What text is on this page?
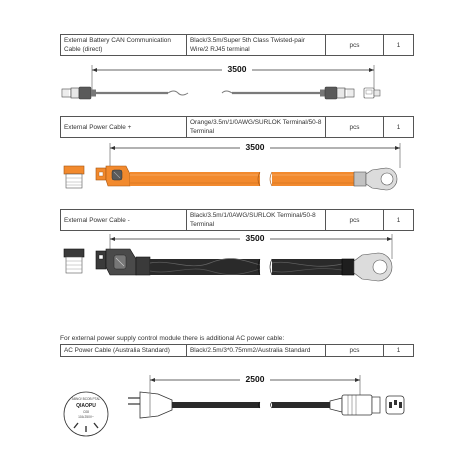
External Battery CAN Communication Cable (direct)	Black/3.5m/Super 5th Class Twisted-pair Wire/2 RJ45 terminal	pcs	1
3500
External Power Cable +	Orange/3.5m/1/0AWG/SURLOK Terminal/50-8 Terminal	pcs	1
3500
External Power Cable -	Black/3.5m/1/0AWG/SURLOK Terminal/50-8 Terminal	pcs	1
3500
For external power supply control module there is additional AC power cable:
AC Power Cable (Australia Standard)	Black/2.5m/3*0.75mm2/Australia Standard	pcs	1
ABNO/ BCOB PTAL
QIAOPU
C08
10A 250V~
2500
